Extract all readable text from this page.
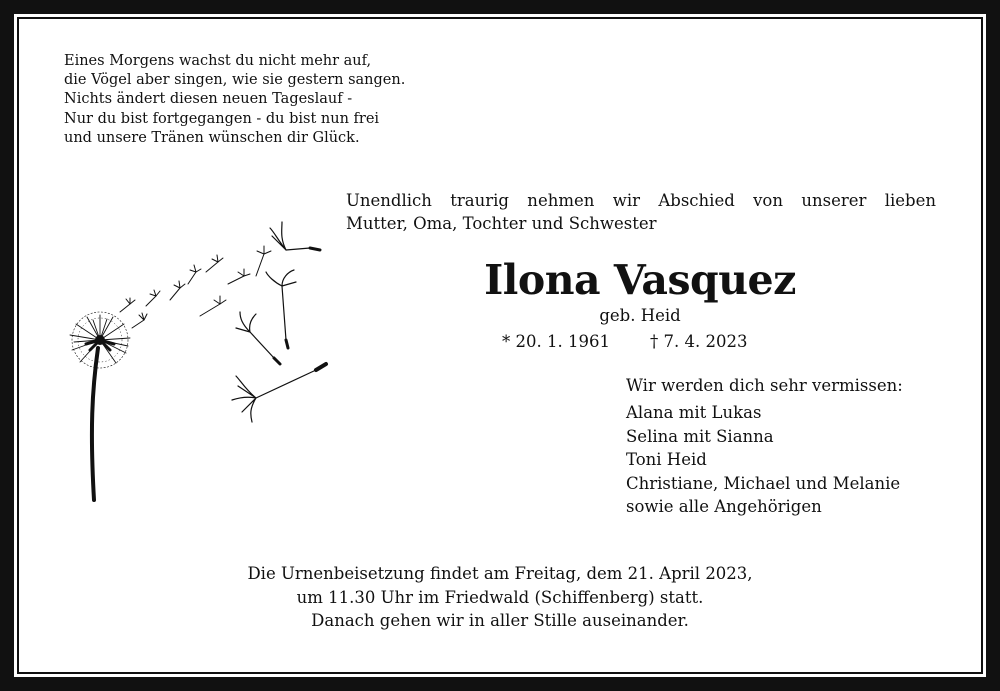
Eines Morgens wachst du nicht mehr auf,
die Vögel aber singen, wie sie gestern sangen.
Nichts ändert diesen neuen Tageslauf -
Nur du bist fortgegangen - du bist nun frei
und unsere Tränen wünschen dir Glück.
Unendlich traurig nehmen wir Abschied von unserer lieben
Mutter, Oma, Tochter und Schwester
Ilona Vasquez
geb. Heid
* 20. 1. 1961 † 7. 4. 2023
Wir werden dich sehr vermissen:
Alana mit Lukas
Selina mit Sianna
Toni Heid
Christiane, Michael und Melanie
sowie alle Angehörigen
Die Urnenbeisetzung findet am Freitag, dem 21. April 2023,
um 11.30 Uhr im Friedwald (Schiffenberg) statt.
Danach gehen wir in aller Stille auseinander.
